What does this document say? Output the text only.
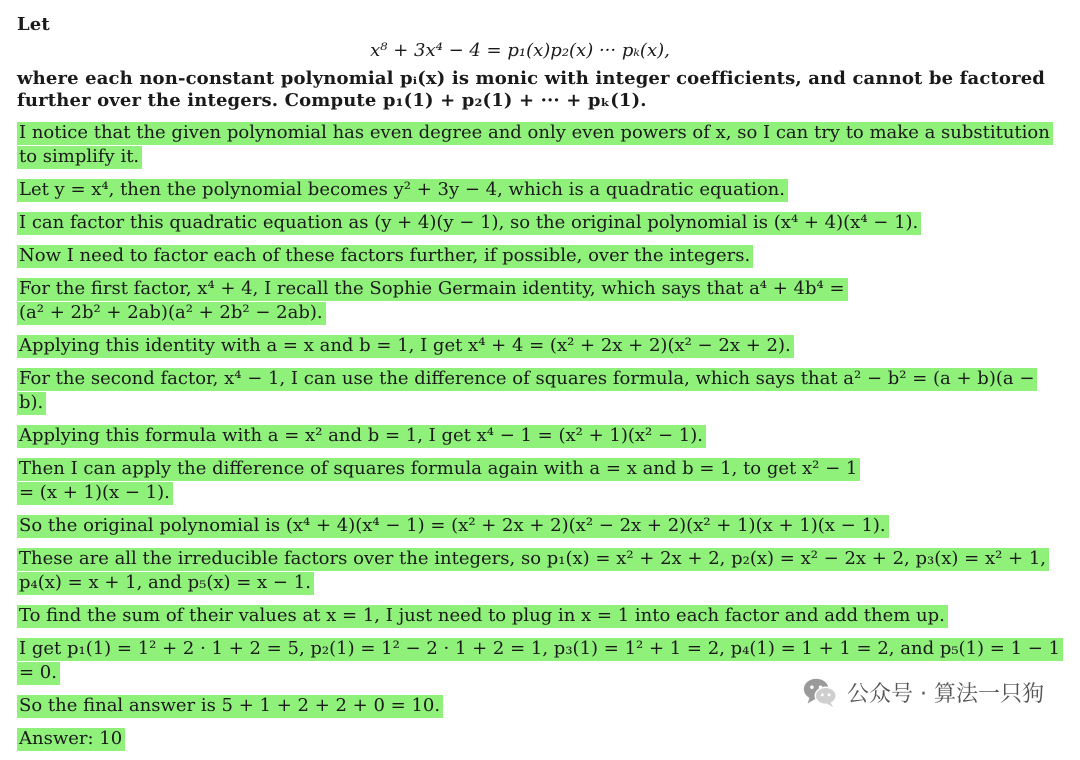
Let
x⁸ + 3x⁴ − 4 = p₁(x)p₂(x) ··· pₖ(x),
where each non-constant polynomial pᵢ(x) is monic with integer coefficients, and cannot be factored further over the integers. Compute p₁(1) + p₂(1) + ··· + pₖ(1).
I notice that the given polynomial has even degree and only even powers of x, so I can try to make a substitution to simplify it.
Let y = x⁴, then the polynomial becomes y² + 3y − 4, which is a quadratic equation.
I can factor this quadratic equation as (y + 4)(y − 1), so the original polynomial is (x⁴ + 4)(x⁴ − 1).
Now I need to factor each of these factors further, if possible, over the integers.
For the first factor, x⁴ + 4, I recall the Sophie Germain identity, which says that a⁴ + 4b⁴ =
(a² + 2b² + 2ab)(a² + 2b² − 2ab).
Applying this identity with a = x and b = 1, I get x⁴ + 4 = (x² + 2x + 2)(x² − 2x + 2).
For the second factor, x⁴ − 1, I can use the difference of squares formula, which says that a² − b² = (a + b)(a − b).
Applying this formula with a = x² and b = 1, I get x⁴ − 1 = (x² + 1)(x² − 1).
Then I can apply the difference of squares formula again with a = x and b = 1, to get x² − 1
= (x + 1)(x − 1).
So the original polynomial is (x⁴ + 4)(x⁴ − 1) = (x² + 2x + 2)(x² − 2x + 2)(x² + 1)(x + 1)(x − 1).
These are all the irreducible factors over the integers, so p₁(x) = x² + 2x + 2, p₂(x) = x² − 2x + 2, p₃(x) = x² + 1,
p₄(x) = x + 1, and p₅(x) = x − 1.
To find the sum of their values at x = 1, I just need to plug in x = 1 into each factor and add them up.
I get p₁(1) = 1² + 2 · 1 + 2 = 5, p₂(1) = 1² − 2 · 1 + 2 = 1, p₃(1) = 1² + 1 = 2, p₄(1) = 1 + 1 = 2, and p₅(1) = 1 − 1 = 0.
So the final answer is 5 + 1 + 2 + 2 + 0 = 10.
Answer: 10
公众号 · 算法一只狗
